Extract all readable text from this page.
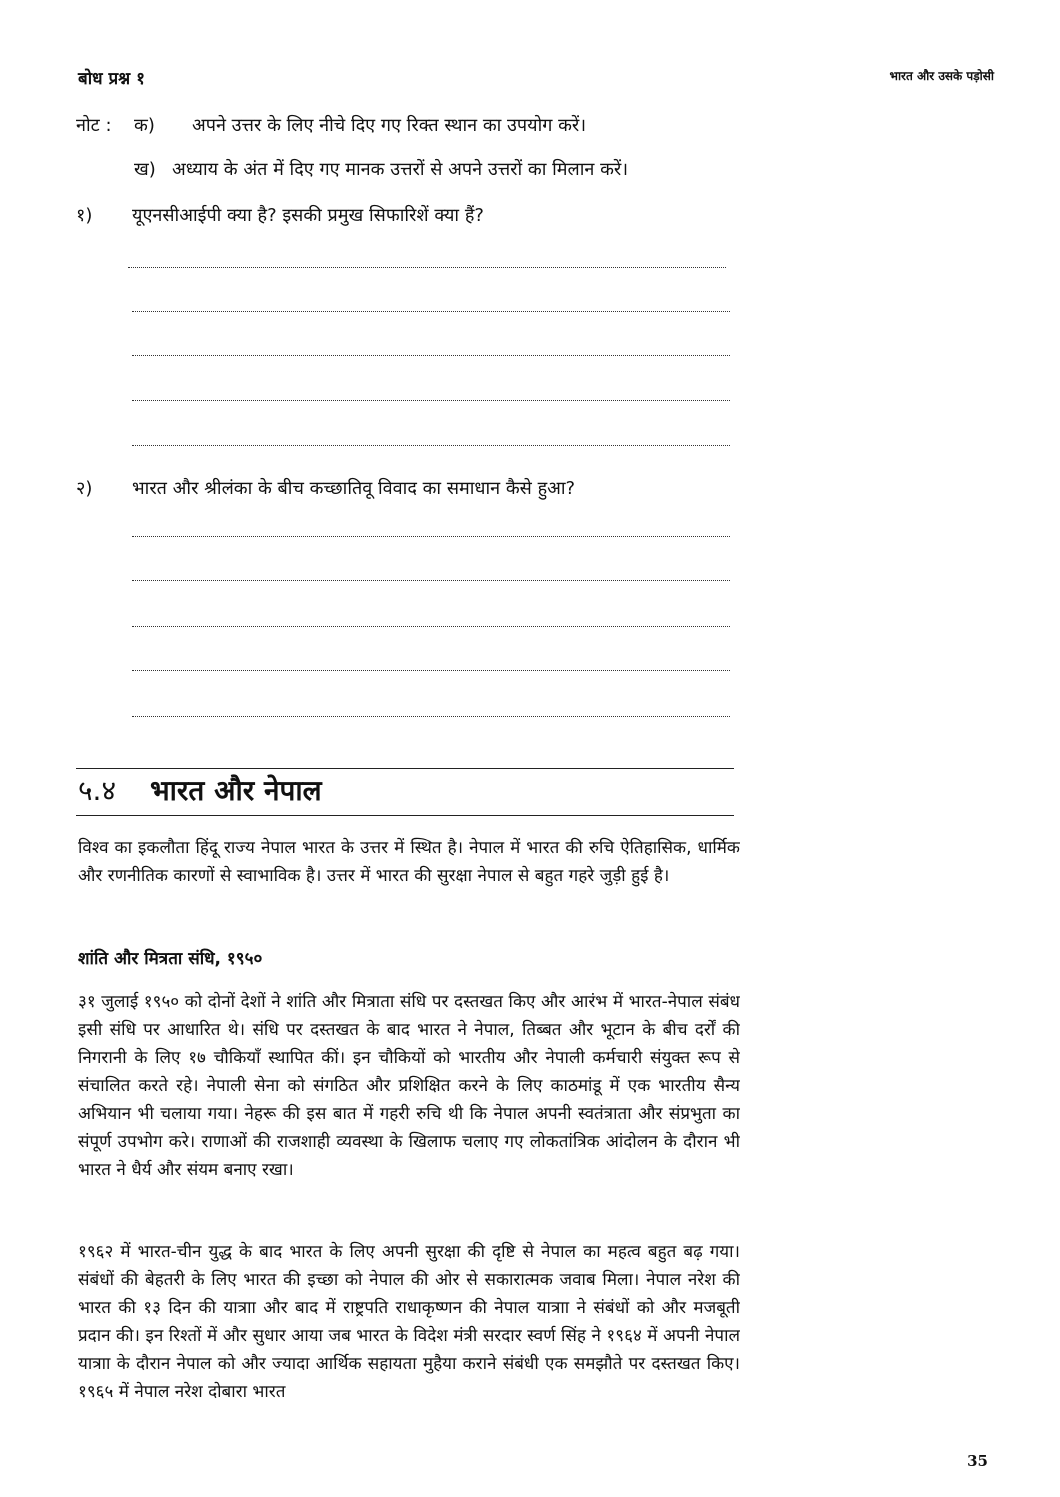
बोध प्रश्न १	भारत और उसके पड़ोसी
नोट : क) अपने उत्तर के लिए नीचे दिए गए रिक्त स्थान का उपयोग करें।
ख) अध्याय के अंत में दिए गए मानक उत्तरों से अपने उत्तरों का मिलान करें।
१) यूएनसीआईपी क्या है? इसकी प्रमुख सिफारिशें क्या हैं?
२) भारत और श्रीलंका के बीच कच्छातिवू विवाद का समाधान कैसे हुआ?
५.४ भारत और नेपाल
विश्व का इकलौता हिंदू राज्य नेपाल भारत के उत्तर में स्थित है। नेपाल में भारत की रुचि ऐतिहासिक, धार्मिक और रणनीतिक कारणों से स्वाभाविक है। उत्तर में भारत की सुरक्षा नेपाल से बहुत गहरे जुड़ी हुई है।
शांति और मित्रता संधि, १९५०
३१ जुलाई १९५० को दोनों देशों ने शांति और मित्राता संधि पर दस्तखत किए और आरंभ में भारत-नेपाल संबंध इसी संधि पर आधारित थे। संधि पर दस्तखत के बाद भारत ने नेपाल, तिब्बत और भूटान के बीच दर्रों की निगरानी के लिए १७ चौकियाँ स्थापित कीं। इन चौकियों को भारतीय और नेपाली कर्मचारी संयुक्त रूप से संचालित करते रहे। नेपाली सेना को संगठित और प्रशिक्षित करने के लिए काठमांडू में एक भारतीय सैन्य अभियान भी चलाया गया। नेहरू की इस बात में गहरी रुचि थी कि नेपाल अपनी स्वतंत्राता और संप्रभुता का संपूर्ण उपभोग करे। राणाओं की राजशाही व्यवस्था के खिलाफ चलाए गए लोकतांत्रिक आंदोलन के दौरान भी भारत ने धैर्य और संयम बनाए रखा।
१९६२ में भारत-चीन युद्ध के बाद भारत के लिए अपनी सुरक्षा की दृष्टि से नेपाल का महत्व बहुत बढ़ गया। संबंधों की बेहतरी के लिए भारत की इच्छा को नेपाल की ओर से सकारात्मक जवाब मिला। नेपाल नरेश की भारत की १३ दिन की यात्राा और बाद में राष्ट्रपति राधाकृष्णन की नेपाल यात्राा ने संबंधों को और मजबूती प्रदान की। इन रिश्तों में और सुधार आया जब भारत के विदेश मंत्री सरदार स्वर्ण सिंह ने १९६४ में अपनी नेपाल यात्राा के दौरान नेपाल को और ज्यादा आर्थिक सहायता मुहैया कराने संबंधी एक समझौते पर दस्तखत किए। १९६५ में नेपाल नरेश दोबारा भारत
35
